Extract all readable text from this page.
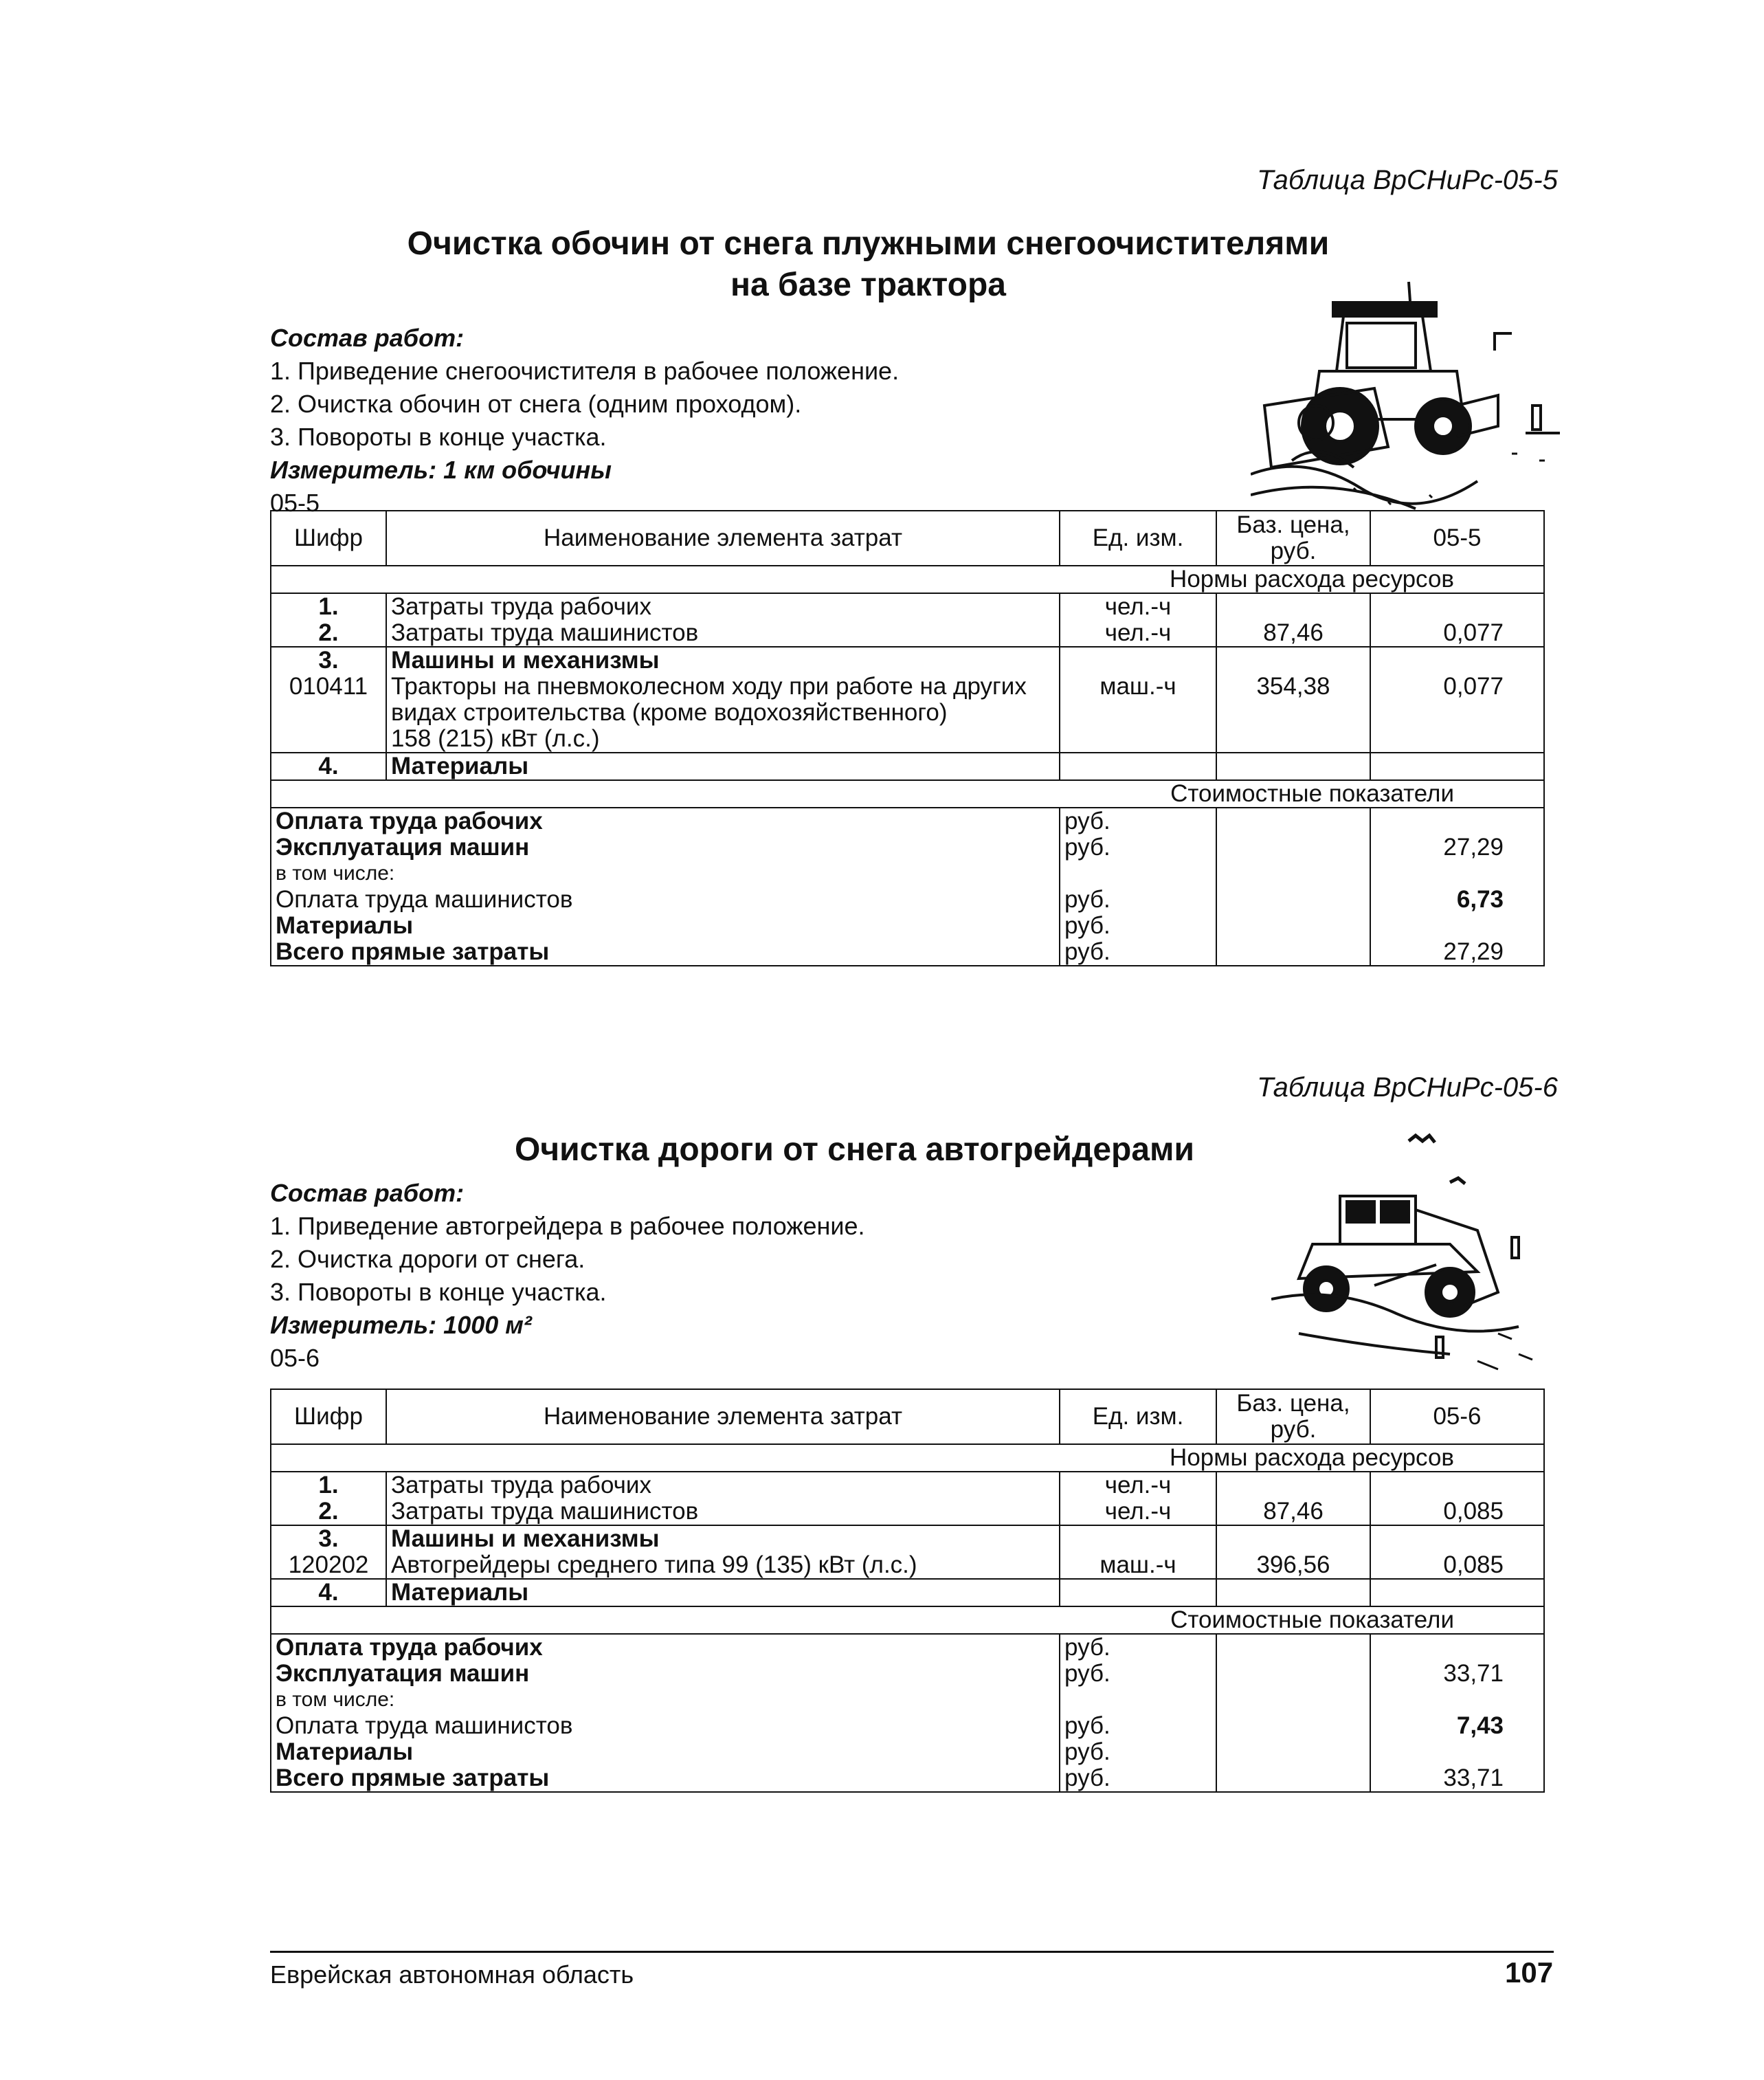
Таблица ВрСНиРс-05-5
Очистка обочин от снега плужными снегоочистителями
на базе трактора
Состав работ:
1. Приведение снегоочистителя в рабочее положение.
2. Очистка обочин от снега (одним проходом).
3. Повороты в конце участка.
Измеритель: 1 км обочины
05-5
Шифр	Наименование элемента затрат	Ед. изм.	Баз. цена,
руб.	05-5
Нормы расхода ресурсов				
1.	Затраты труда рабочих	чел.-ч		
2.	Затраты труда машинистов	чел.-ч	87,46	0,077
3.	Машины и механизмы			
010411	Тракторы на пневмоколесном ходу при работе на других
видах строительства (кроме водохозяйственного)
158 (215) кВт (л.с.)	маш.-ч	354,38	0,077
4.	Материалы			
Стоимостные показатели				
Оплата труда рабочих		руб.		
Эксплуатация машин		руб.		27,29
в том числе:				
Оплата труда машинистов		руб.		6,73
Материалы		руб.		
Всего прямые затраты		руб.		27,29
Таблица ВрСНиРс-05-6
Очистка дороги от снега автогрейдерами
Состав работ:
1. Приведение автогрейдера в рабочее положение.
2. Очистка дороги от снега.
3. Повороты в конце участка.
Измеритель: 1000 м²
05-6
Шифр	Наименование элемента затрат	Ед. изм.	Баз. цена,
руб.	05-6
Нормы расхода ресурсов				
1.	Затраты труда рабочих	чел.-ч		
2.	Затраты труда машинистов	чел.-ч	87,46	0,085
3.	Машины и механизмы			
120202	Автогрейдеры среднего типа 99 (135) кВт (л.с.)	маш.-ч	396,56	0,085
4.	Материалы			
Стоимостные показатели				
Оплата труда рабочих		руб.		
Эксплуатация машин		руб.		33,71
в том числе:				
Оплата труда машинистов		руб.		7,43
Материалы		руб.		
Всего прямые затраты		руб.		33,71
Еврейская автономная область	107
